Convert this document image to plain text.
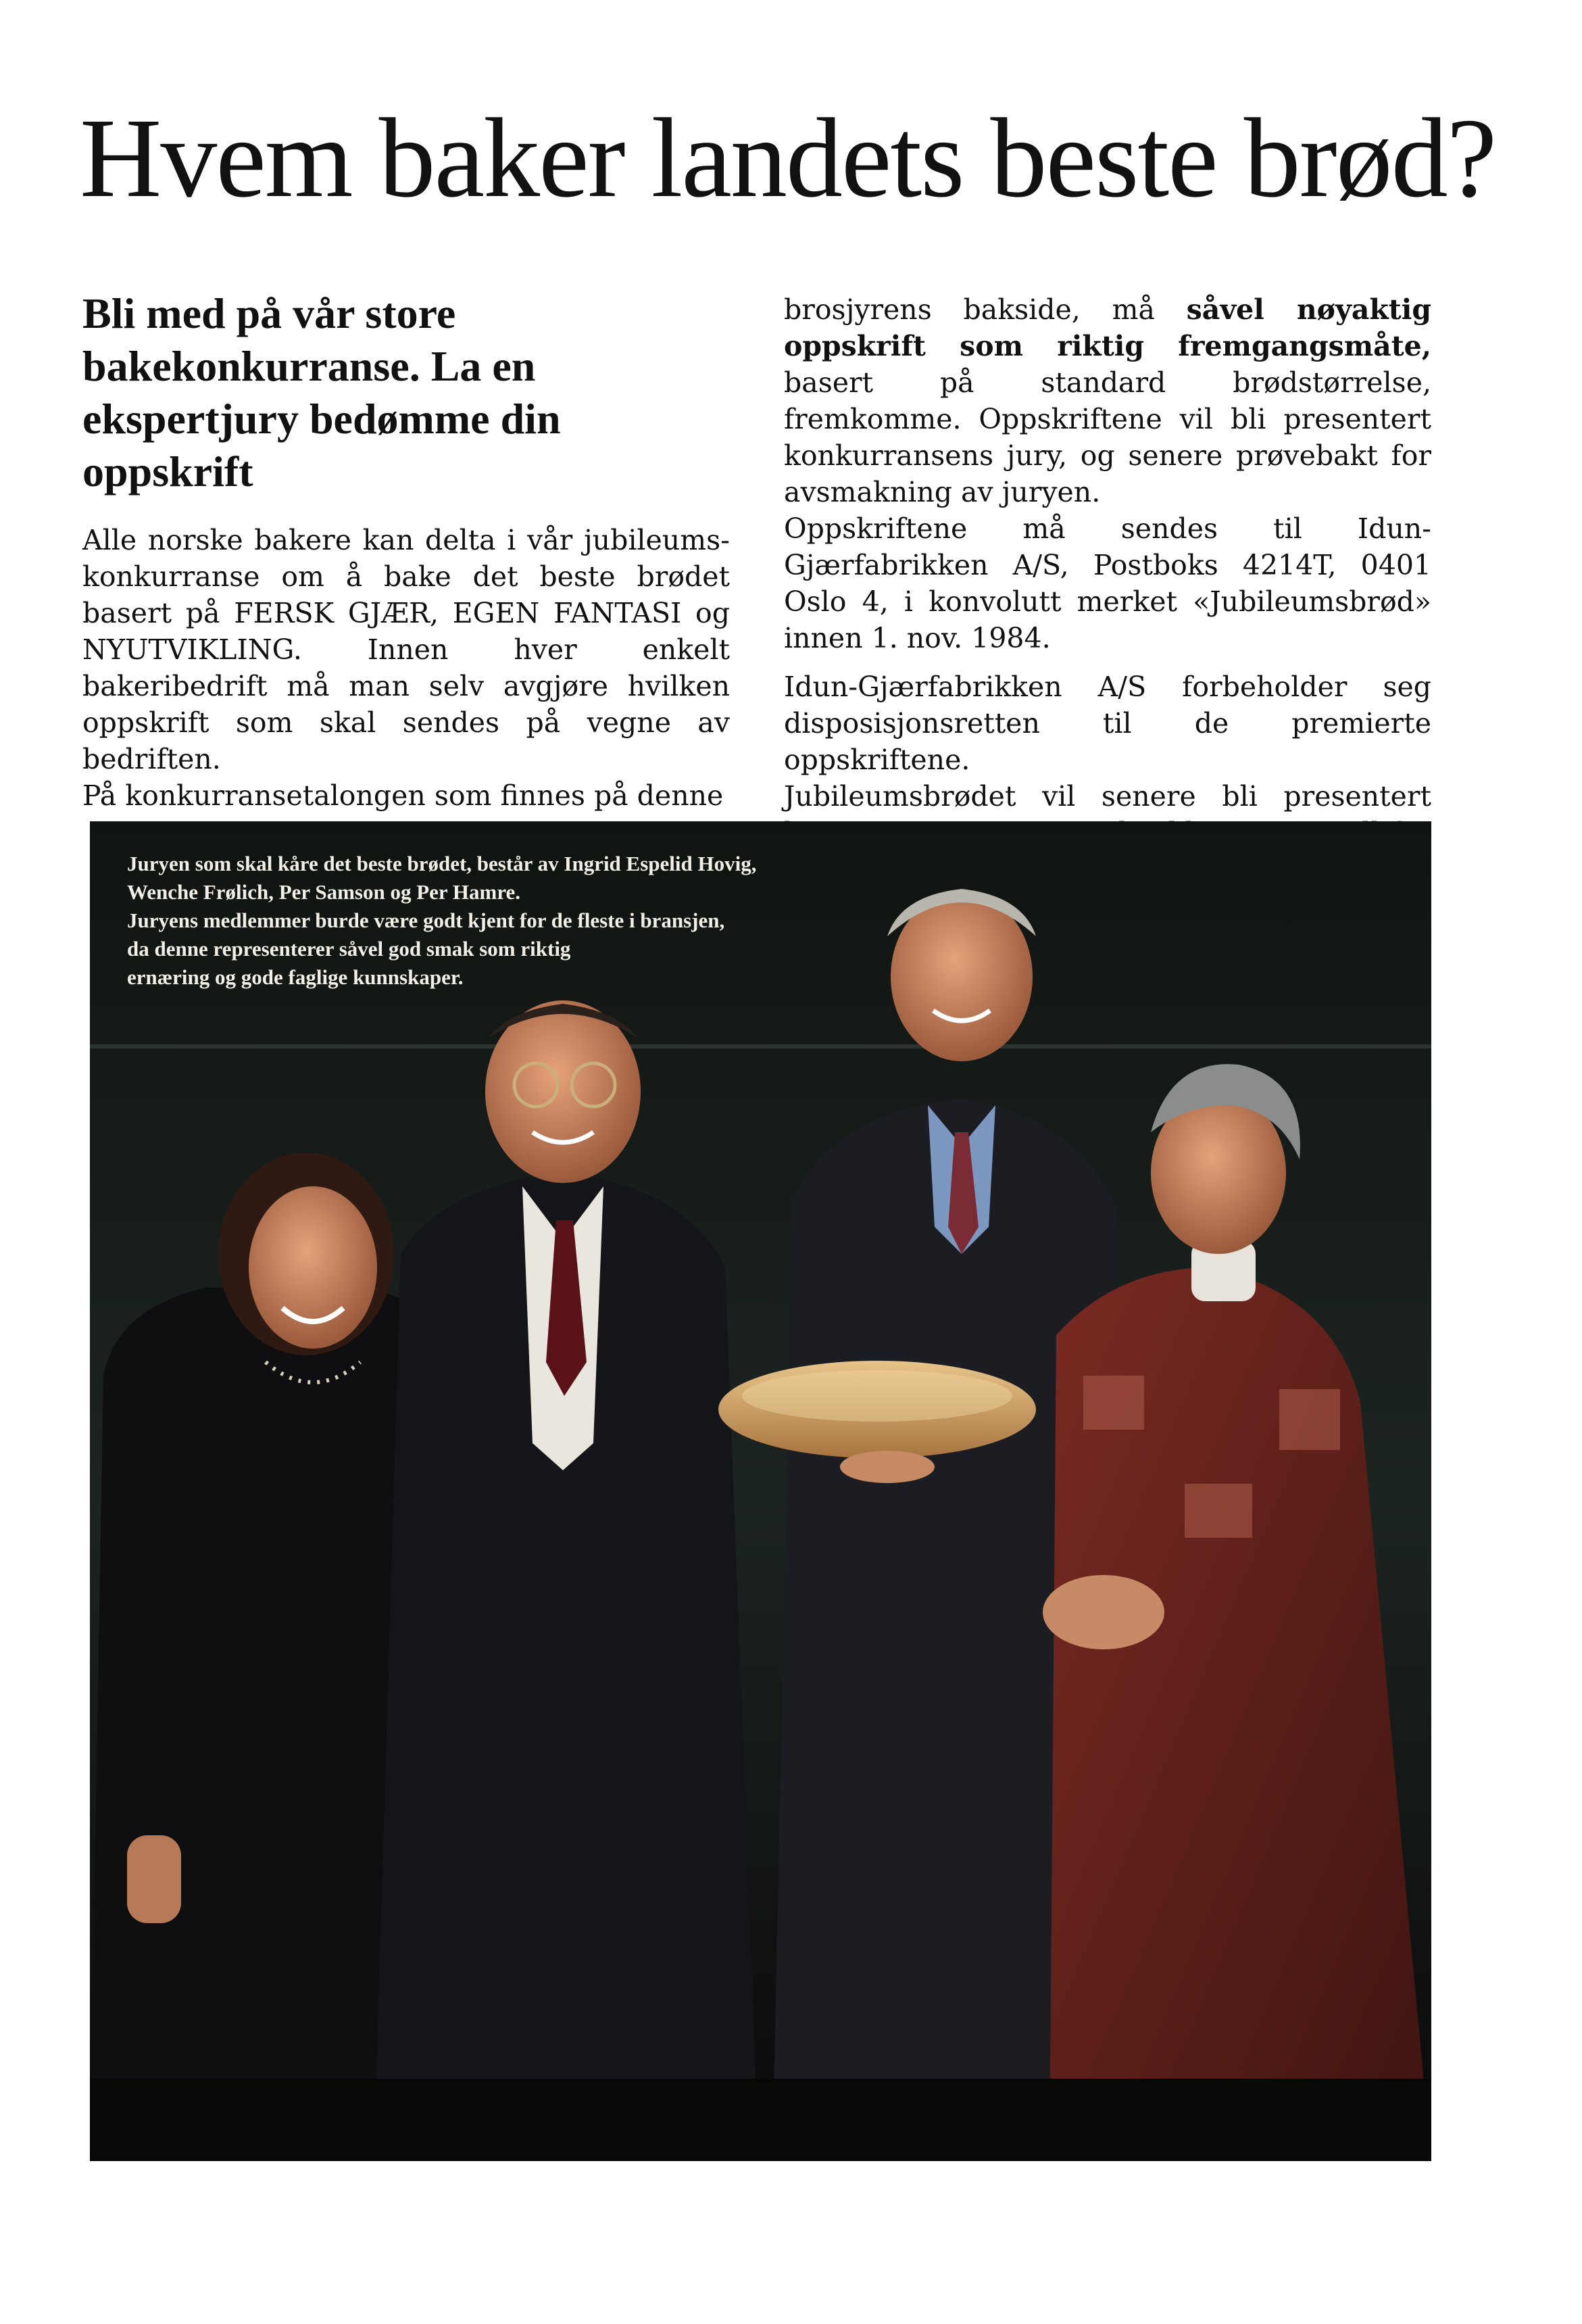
Hvem baker landets beste brød?
Bli med på vår store bakekonkurranse. La en ekspertjury bedømme din oppskrift

Alle norske bakere kan delta i vår jubileumskonkurranse om å bake det beste brødet basert på FERSK GJÆR, EGEN FANTASI og NYUTVIKLING. Innen hver enkelt bakeribedrift må man selv avgjøre hvilken oppskrift som skal sendes på vegne av bedriften.

På konkurransetalongen som finnes på denne

brosjyrens bakside, må såvel nøyaktig oppskrift som riktig fremgangsmåte, basert på standard brødstørrelse, fremkomme. Oppskriftene vil bli presentert konkurransens jury, og senere prøvebakt for avsmakning av juryen.

Oppskriftene må sendes til Idun-Gjærfabrikken A/S, Postboks 4214T, 0401 Oslo 4, i konvolutt merket «Jubileumsbrød» innen 1. nov. 1984.

Idun-Gjærfabrikken A/S forbeholder seg disposisjonsretten til de premierte oppskriftene.

Jubileumsbrødet vil senere bli presentert

Juryen som skal kåre det beste brødet, består av Ingrid Espelid Hovig,
Wenche Frølich, Per Samson og Per Hamre.
Juryens medlemmer burde være godt kjent for de fleste i bransjen,
da denne representerer såvel god smak som riktig
ernæring og gode faglige kunnskaper.
